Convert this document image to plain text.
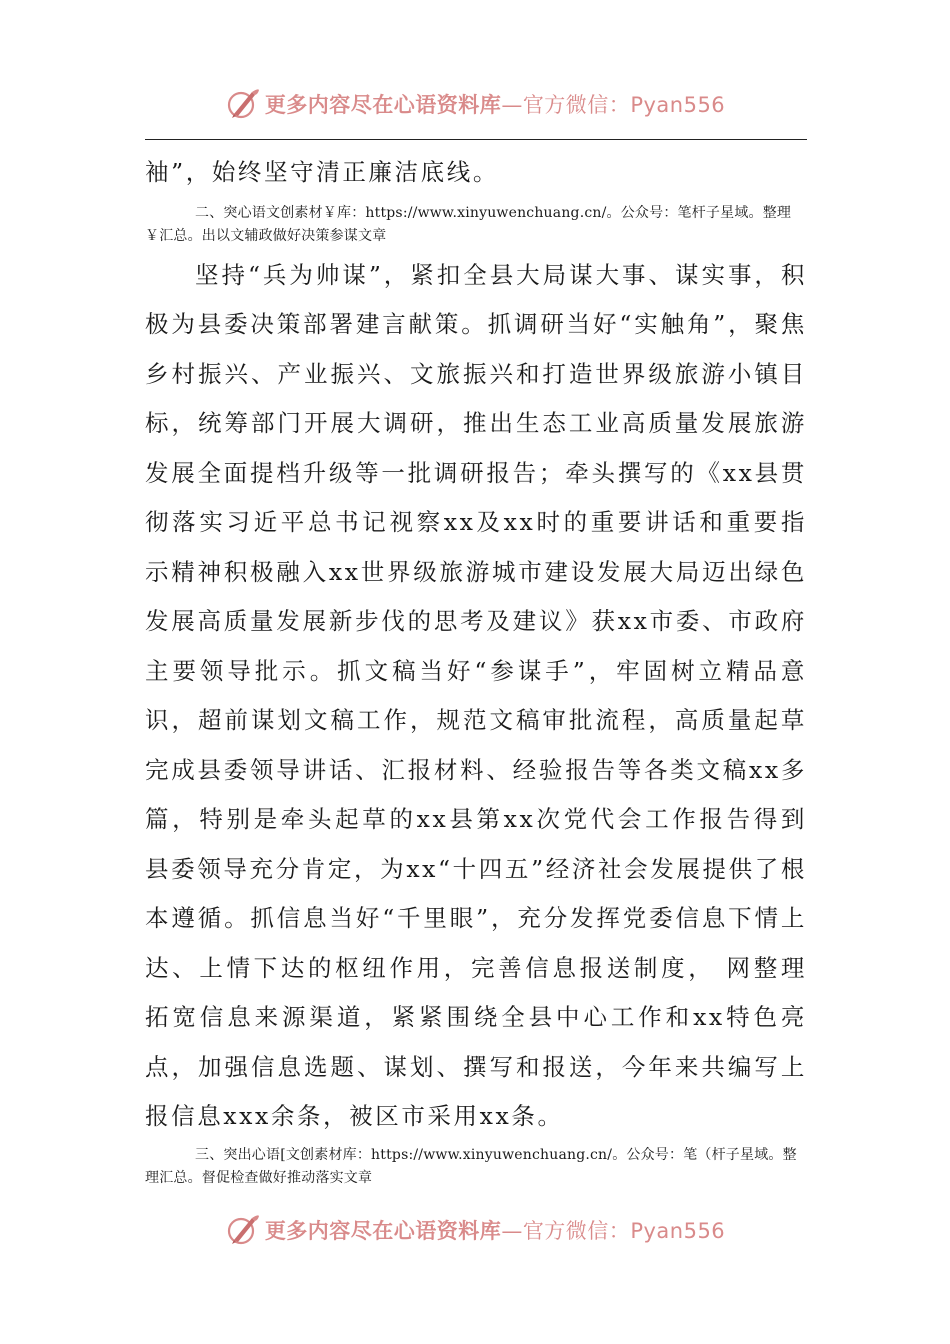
更多内容尽在心语资料库—官方微信：Pyan556

袖”，始终坚守清正廉洁底线。

二、突心语文创素材￥库：https://www.xinyuwenchuang.cn/。公众号：笔杆子星域。整理￥汇总。出以文辅政做好决策参谋文章

坚持“兵为帅谋”，紧扣全县大局谋大事、谋实事，积极为县委决策部署建言献策。抓调研当好“实触角”，聚焦乡村振兴、产业振兴、文旅振兴和打造世界级旅游小镇目标，统筹部门开展大调研，推出生态工业高质量发展旅游发展全面提档升级等一批调研报告；牵头撰写的《xx县贯彻落实习近平总书记视察xx及xx时的重要讲话和重要指示精神积极融入xx世界级旅游城市建设发展大局迈出绿色发展高质量发展新步伐的思考及建议》获xx市委、市政府主要领导批示。抓文稿当好“参谋手”，牢固树立精品意识，超前谋划文稿工作，规范文稿审批流程，高质量起草完成县委领导讲话、汇报材料、经验报告等各类文稿xx多篇，特别是牵头起草的xx县第xx次党代会工作报告得到县委领导充分肯定，为xx“十四五”经济社会发展提供了根本遵循。抓信息当好“千里眼”，充分发挥党委信息下情上达、上情下达的枢纽作用，完善信息报送制度， 网整理 拓宽信息来源渠道，紧紧围绕全县中心工作和xx特色亮点，加强信息选题、谋划、撰写和报送，今年来共编写上报信息xxx余条，被区市采用xx条。

三、突出心语[文创素材库：https://www.xinyuwenchuang.cn/。公众号：笔（杆子星域。整理汇总。督促检查做好推动落实文章

更多内容尽在心语资料库—官方微信：Pyan556
